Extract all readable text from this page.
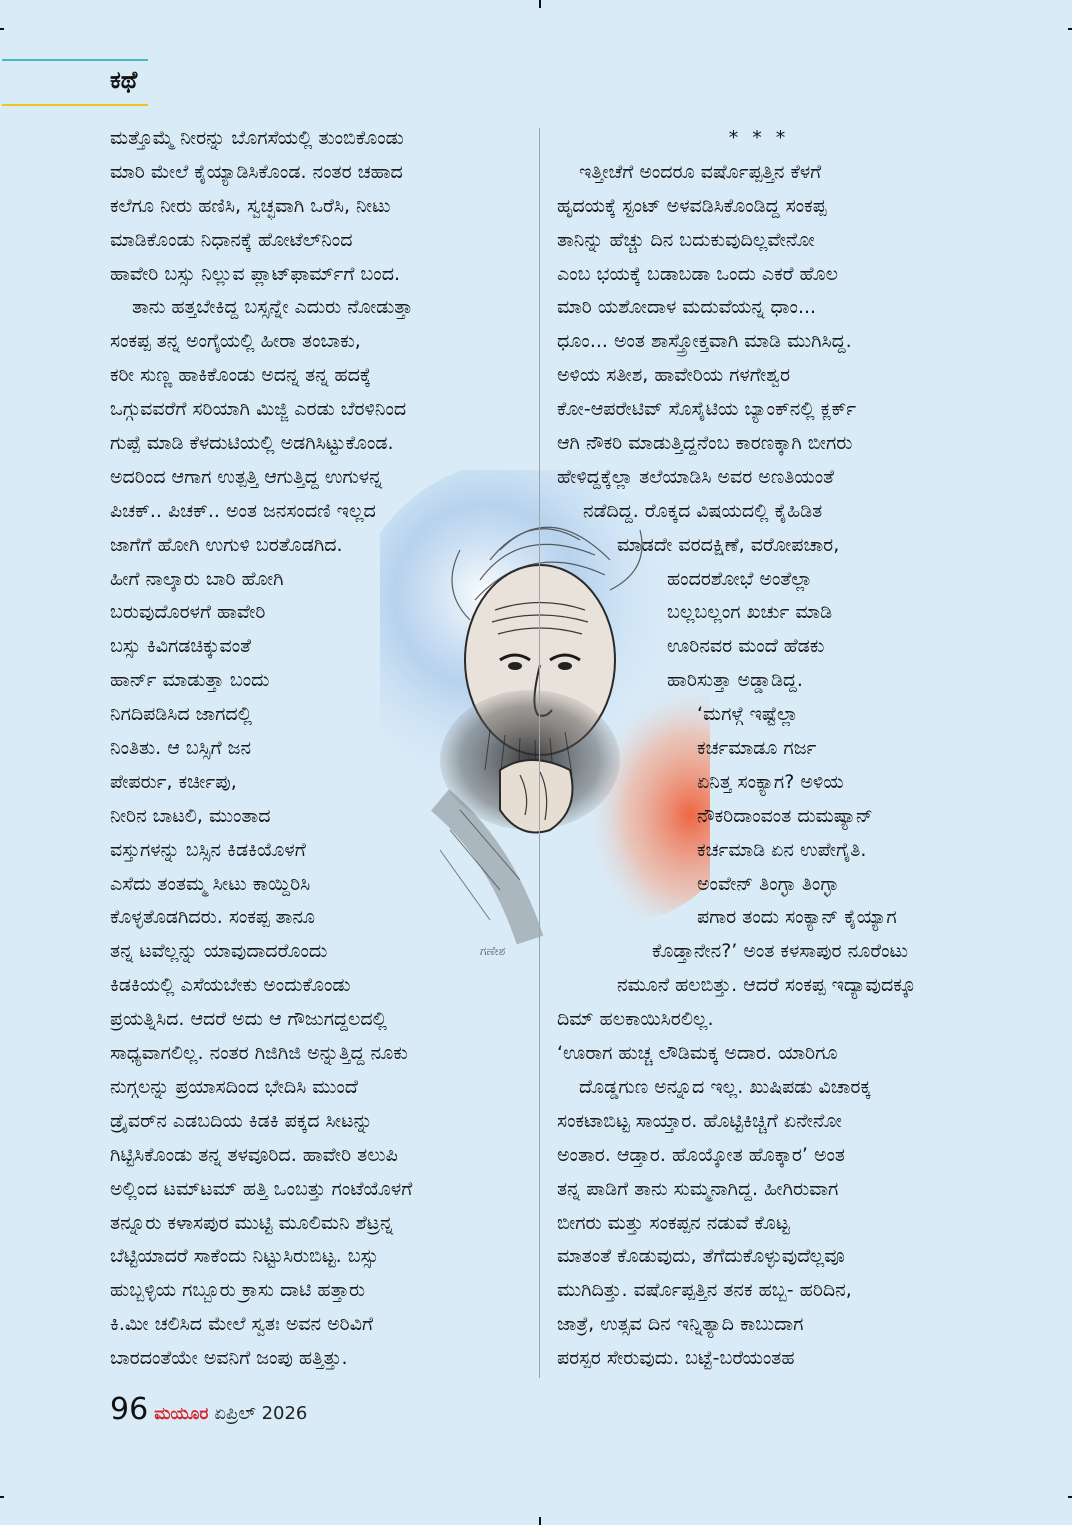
ಕಥೆ
ಗಣೇಶ
ಮತ್ತೊಮ್ಮೆ ನೀರನ್ನು ಬೊಗಸೆಯಲ್ಲಿ ತುಂಬಿಕೊಂಡು
ಮಾರಿ ಮೇಲೆ ಕೈಯ್ಯಾಡಿಸಿಕೊಂಡ. ನಂತರ ಚಹಾದ
ಕಲೆಗೂ ನೀರು ಹಣಿಸಿ, ಸ್ವಚ್ಛವಾಗಿ ಒರೆಸಿ, ನೀಟು
ಮಾಡಿಕೊಂಡು ನಿಧಾನಕ್ಕೆ ಹೋಟೆಲ್‌ನಿಂದ
ಹಾವೇರಿ ಬಸ್ಸು ನಿಲ್ಲುವ ಪ್ಲಾಟ್‌ಫಾರ್ಮ್‌ಗೆ ಬಂದ.
ತಾನು ಹತ್ತಬೇಕಿದ್ದ ಬಸ್ಸನ್ನೇ ಎದುರು ನೋಡುತ್ತಾ
ಸಂಕಪ್ಪ ತನ್ನ ಅಂಗೈಯಲ್ಲಿ ಹೀರಾ ತಂಬಾಕು,
ಕರೀ ಸುಣ್ಣ ಹಾಕಿಕೊಂಡು ಅದನ್ನ ತನ್ನ ಹದಕ್ಕೆ
ಒಗ್ಗುವವರೆಗೆ ಸರಿಯಾಗಿ ಮಿಜ್ಜಿ ಎರಡು ಬೆರಳಿನಿಂದ
ಗುಪ್ಪೆ ಮಾಡಿ ಕೆಳದುಟಿಯಲ್ಲಿ ಅಡಗಿಸಿಟ್ಟುಕೊಂಡ.
ಅದರಿಂದ ಆಗಾಗ ಉತ್ಪತ್ತಿ ಆಗುತ್ತಿದ್ದ ಉಗುಳನ್ನ
ಪಿಚಕ್.. ಪಿಚಕ್.. ಅಂತ ಜನಸಂದಣಿ ಇಲ್ಲದ
ಜಾಗೆಗೆ ಹೋಗಿ ಉಗುಳಿ ಬರತೊಡಗಿದ.
ಹೀಗೆ ನಾಲ್ಕಾರು ಬಾರಿ ಹೋಗಿ
ಬರುವುದೊರಳಗೆ ಹಾವೇರಿ
ಬಸ್ಸು ಕಿವಿಗಡಚಿಕ್ಕುವಂತೆ
ಹಾರ್ನ್ ಮಾಡುತ್ತಾ ಬಂದು
ನಿಗದಿಪಡಿಸಿದ ಜಾಗದಲ್ಲಿ
ನಿಂತಿತು. ಆ ಬಸ್ಸಿಗೆ ಜನ
ಪೇಪರ್ರು, ಕರ್ಚೀಪು,
ನೀರಿನ ಬಾಟಲಿ, ಮುಂತಾದ
ವಸ್ತುಗಳನ್ನು ಬಸ್ಸಿನ ಕಿಡಕಿಯೊಳಗೆ
ಎಸೆದು ತಂತಮ್ಮ ಸೀಟು ಕಾಯ್ದಿರಿಸಿ
ಕೊಳ್ಳತೊಡಗಿದರು. ಸಂಕಪ್ಪ ತಾನೂ
ತನ್ನ ಟವೆಲ್ಲನ್ನು ಯಾವುದಾದರೊಂದು
ಕಿಡಕಿಯಲ್ಲಿ ಎಸೆಯಬೇಕು ಅಂದುಕೊಂಡು
ಪ್ರಯತ್ನಿಸಿದ. ಆದರೆ ಅದು ಆ ಗೌಜುಗದ್ದಲದಲ್ಲಿ
ಸಾಧ್ಯವಾಗಲಿಲ್ಲ. ನಂತರ ಗಿಜಿಗಿಜಿ ಅನ್ನುತ್ತಿದ್ದ ನೂಕು
ನುಗ್ಗಲನ್ನು ಪ್ರಯಾಸದಿಂದ ಭೇದಿಸಿ ಮುಂದೆ
ಡ್ರೈವರ್‌ನ ಎಡಬದಿಯ ಕಿಡಕಿ ಪಕ್ಕದ ಸೀಟನ್ನು
ಗಿಟ್ಟಿಸಿಕೊಂಡು ತನ್ನ ತಳವೂರಿದ. ಹಾವೇರಿ ತಲುಪಿ
ಅಲ್ಲಿಂದ ಟಮ್‌ಟಮ್ ಹತ್ತಿ ಒಂಬತ್ತು ಗಂಟೆಯೊಳಗೆ
ತನ್ನೂರು ಕಳಾಸಪುರ ಮುಟ್ಟಿ ಮೂಲಿಮನಿ ಶೆಟ್ರನ್ನ
ಬೆಟ್ಟಿಯಾದರೆ ಸಾಕೆಂದು ನಿಟ್ಟುಸಿರುಬಿಟ್ಟ. ಬಸ್ಸು
ಹುಬ್ಬಳ್ಳಿಯ ಗಬ್ಬೂರು ಕ್ರಾಸು ದಾಟಿ ಹತ್ತಾರು
ಕಿ.ಮೀ ಚಲಿಸಿದ ಮೇಲೆ ಸ್ವತಃ ಅವನ ಅರಿವಿಗೆ
ಬಾರದಂತೆಯೇ ಅವನಿಗೆ ಜಂಪು ಹತ್ತಿತ್ತು.
* * *
ಇತ್ತೀಚೆಗೆ ಅಂದರೂ ವರ್ಷೊಪ್ಪತ್ತಿನ ಕೆಳಗೆ
ಹೃದಯಕ್ಕೆ ಸ್ಟಂಟ್ ಅಳವಡಿಸಿಕೊಂಡಿದ್ದ ಸಂಕಪ್ಪ
ತಾನಿನ್ನು ಹೆಚ್ಚು ದಿನ ಬದುಕುವುದಿಲ್ಲವೇನೋ
ಎಂಬ ಭಯಕ್ಕೆ ಬಡಾಬಡಾ ಒಂದು ಎಕರೆ ಹೊಲ
ಮಾರಿ ಯಶೋದಾಳ ಮದುವೆಯನ್ನ ಧಾಂ...
ಧೂಂ... ಅಂತ ಶಾಸ್ತ್ರೋಕ್ತವಾಗಿ ಮಾಡಿ ಮುಗಿಸಿದ್ದ.
ಅಳಿಯ ಸತೀಶ, ಹಾವೇರಿಯ ಗಳಗೇಶ್ವರ
ಕೋ-ಆಪರೇಟಿವ್ ಸೊಸೈಟಿಯ ಬ್ಯಾಂಕ್‌ನಲ್ಲಿ ಕ್ಲರ್ಕ್
ಆಗಿ ನೌಕರಿ ಮಾಡುತ್ತಿದ್ದನೆಂಬ ಕಾರಣಕ್ಕಾಗಿ ಬೀಗರು
ಹೇಳಿದ್ದಕ್ಕೆಲ್ಲಾ ತಲೆಯಾಡಿಸಿ ಅವರ ಅಣತಿಯಂತೆ
ನಡೆದಿದ್ದ. ರೊಕ್ಕದ ವಿಷಯದಲ್ಲಿ ಕೈಹಿಡಿತ
ಮಾಡದೇ ವರದಕ್ಷಿಣೆ, ವರೋಪಚಾರ,
ಹಂದರಶೋಭೆ ಅಂತೆಲ್ಲಾ
ಬಲ್ಲಬಲ್ಲಂಗ ಖರ್ಚು ಮಾಡಿ
ಊರಿನವರ ಮಂದೆ ಹೆಡಕು
ಹಾರಿಸುತ್ತಾ ಅಡ್ಡಾಡಿದ್ದ.
‘ಮಗಳ್ಗೆ ಇಷ್ಟೆಲ್ಲಾ
ಕರ್ಚಮಾಡೂ ಗರ್ಜ
ಏನಿತ್ತ ಸಂಕ್ಯಾಗ? ಅಳಿಯ
ನೌಕರಿದಾಂವಂತ ದುಮಷ್ಯಾನ್
ಕರ್ಚಮಾಡಿ ಏನ ಉಪೇಗೈತಿ.
ಅಂವೇನ್ ತಿಂಗ್ಳಾ ತಿಂಗ್ಳಾ
ಪಗಾರ ತಂದು ಸಂಕ್ಯಾನ್ ಕೈಯ್ಯಾಗ
ಕೊಡ್ತಾನೇನ?’ ಅಂತ ಕಳಸಾಪುರ ನೂರೆಂಟು
ನಮೂನೆ ಹಲಬಿತ್ತು. ಆದರೆ ಸಂಕಪ್ಪ ಇದ್ಯಾವುದಕ್ಕೂ
ದಿಮ್ ಹಲಕಾಯಿಸಿರಲಿಲ್ಲ.
‘ಊರಾಗ ಹುಚ್ಚ ಲೌಡಿಮಕ್ಕ ಅದಾರ. ಯಾರಿಗೂ
ದೊಡ್ಡಗುಣ ಅನ್ನೂದ ಇಲ್ಲ. ಖುಷಿಪಡು ವಿಚಾರಕ್ಕ
ಸಂಕಟಾಬಿಟ್ಟ ಸಾಯ್ತಾರ. ಹೊಟ್ಟಿಕಿಚ್ಚಿಗೆ ಏನೇನೋ
ಅಂತಾರ. ಆಡ್ತಾರ. ಹೊಯ್ಕೋತ ಹೊಕ್ಕಾರ’ ಅಂತ
ತನ್ನ ಪಾಡಿಗೆ ತಾನು ಸುಮ್ಮನಾಗಿದ್ದ. ಹೀಗಿರುವಾಗ
ಬೀಗರು ಮತ್ತು ಸಂಕಪ್ಪನ ನಡುವೆ ಕೊಟ್ಟ
ಮಾತಂತೆ ಕೊಡುವುದು, ತೆಗೆದುಕೊಳ್ಳುವುದೆಲ್ಲವೂ
ಮುಗಿದಿತ್ತು. ವರ್ಷೊಪ್ಪತ್ತಿನ ತನಕ ಹಬ್ಬ- ಹರಿದಿನ,
ಜಾತ್ರೆ, ಉತ್ಸವ ದಿನ ಇನ್ನಿತ್ಯಾದಿ ಕಾಬುದಾಗ
ಪರಸ್ಪರ ಸೇರುವುದು. ಬಟ್ಟೆ-ಬರೆಯಂತಹ
96 ಮಯೂರ ಏಪ್ರಿಲ್ 2026
